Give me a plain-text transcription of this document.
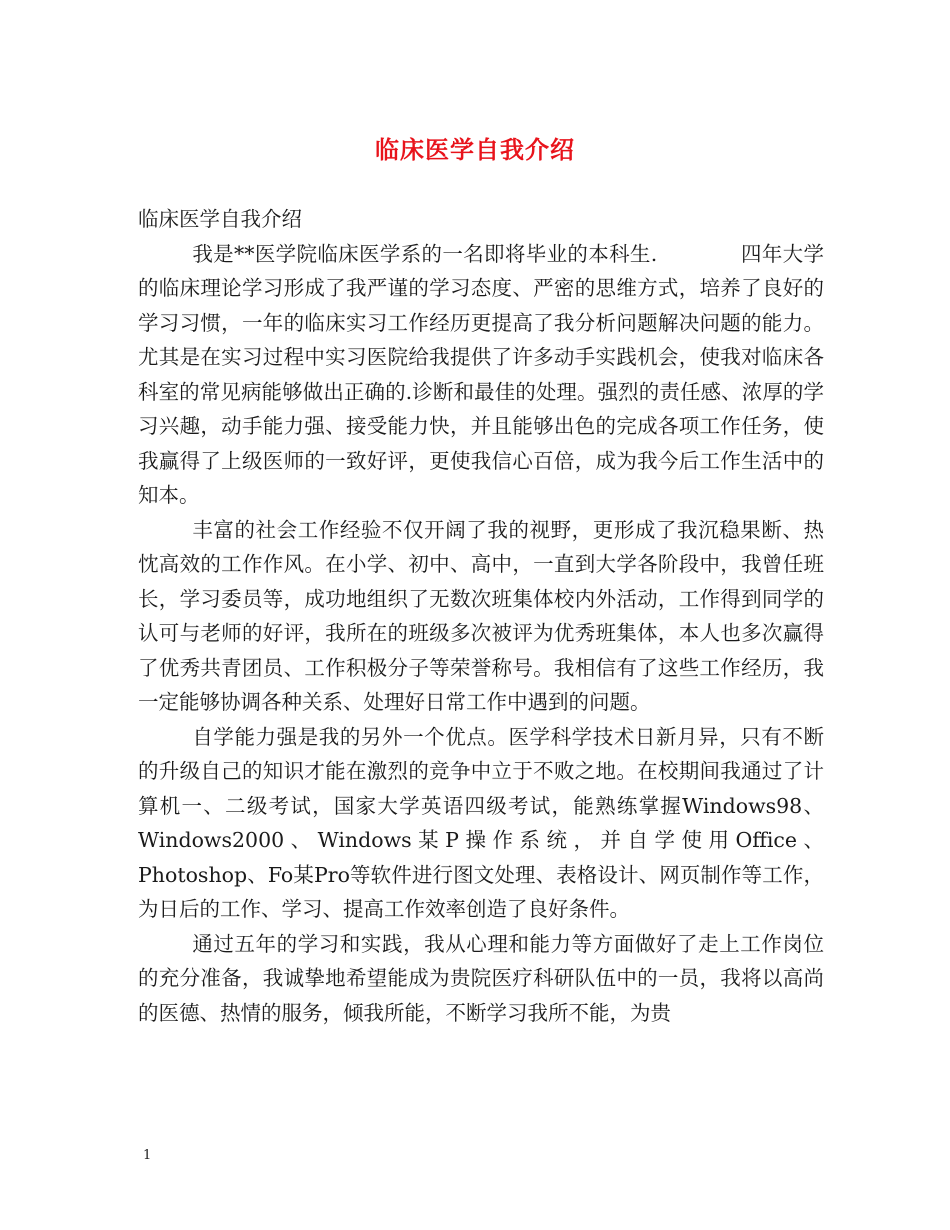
临床医学自我介绍

临床医学自我介绍

我是**医学院临床医学系的一名即将毕业的本科生.　　　　四年大学的临床理论学习形成了我严谨的学习态度、严密的思维方式，培养了良好的学习习惯，一年的临床实习工作经历更提高了我分析问题解决问题的能力。尤其是在实习过程中实习医院给我提供了许多动手实践机会，使我对临床各科室的常见病能够做出正确的.诊断和最佳的处理。强烈的责任感、浓厚的学习兴趣，动手能力强、接受能力快，并且能够出色的完成各项工作任务，使我赢得了上级医师的一致好评，更使我信心百倍，成为我今后工作生活中的知本。

丰富的社会工作经验不仅开阔了我的视野，更形成了我沉稳果断、热忱高效的工作作风。在小学、初中、高中，一直到大学各阶段中，我曾任班长，学习委员等，成功地组织了无数次班集体校内外活动，工作得到同学的认可与老师的好评，我所在的班级多次被评为优秀班集体，本人也多次赢得了优秀共青团员、工作积极分子等荣誉称号。我相信有了这些工作经历，我一定能够协调各种关系、处理好日常工作中遇到的问题。

自学能力强是我的另外一个优点。医学科学技术日新月异，只有不断的升级自己的知识才能在激烈的竞争中立于不败之地。在校期间我通过了计算机一、二级考试，国家大学英语四级考试，能熟练掌握Windows98、Windows2000、Windows某P操作系统，并自学使用Office、Photoshop、Fo某Pro等软件进行图文处理、表格设计、网页制作等工作，为日后的工作、学习、提高工作效率创造了良好条件。

通过五年的学习和实践，我从心理和能力等方面做好了走上工作岗位的充分准备，我诚挚地希望能成为贵院医疗科研队伍中的一员，我将以高尚的医德、热情的服务，倾我所能，不断学习我所不能，为贵

1
